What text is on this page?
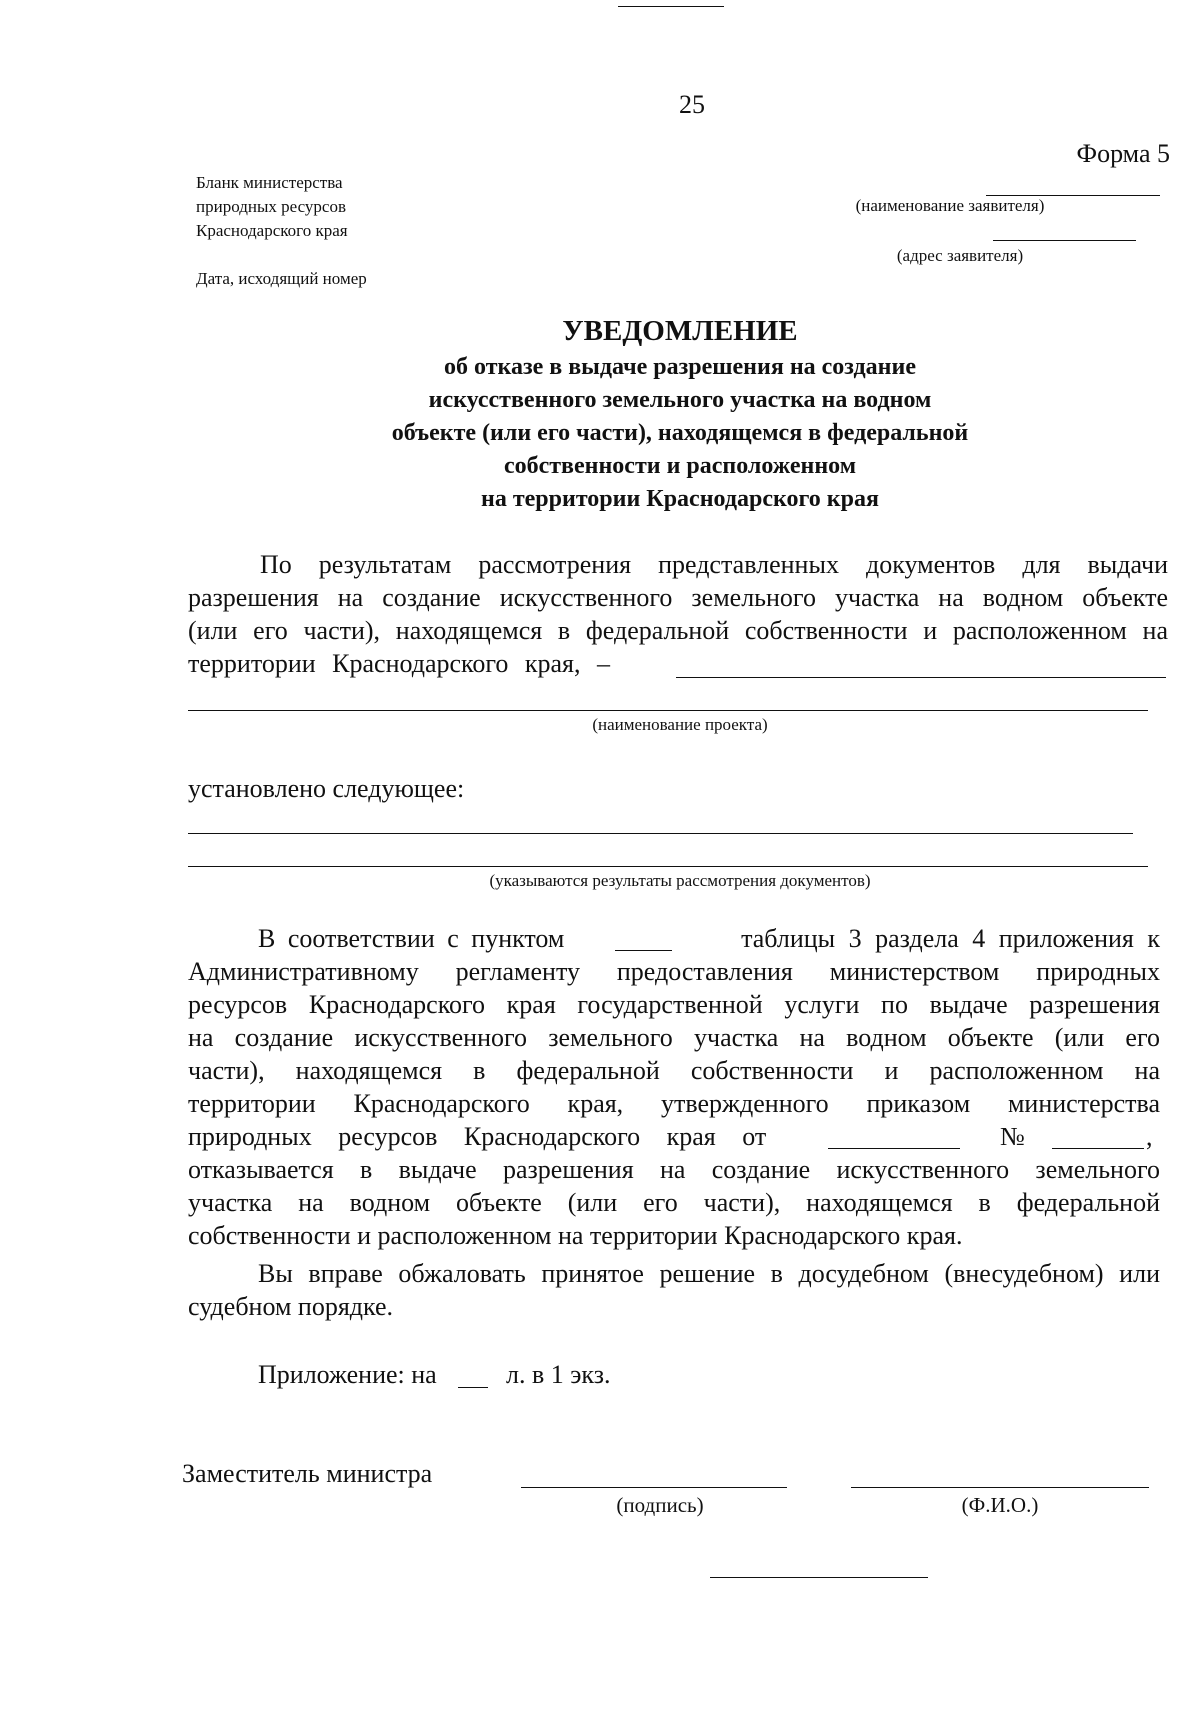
25
Форма 5
Бланк министерства
природных ресурсов
Краснодарского края
Дата, исходящий номер
(наименование заявителя)
(адрес заявителя)
УВЕДОМЛЕНИЕ
об отказе в выдаче разрешения на создание
искусственного земельного участка на водном
объекте (или его части), находящемся в федеральной
собственности и расположенном
на территории Краснодарского края
По результатам рассмотрения представленных документов для выдачи
разрешения на создание искусственного земельного участка на водном объекте
(или его части), находящемся в федеральной собственности и расположенном на
территории Краснодарского края, –
(наименование проекта)
установлено следующее:
(указываются результаты рассмотрения документов)
В соответствии с пунктом	таблицы 3 раздела 4 приложения к
Административному регламенту предоставления министерством природных
ресурсов Краснодарского края государственной услуги по выдаче разрешения
на создание искусственного земельного участка на водном объекте (или его
части), находящемся в федеральной собственности и расположенном на
территории Краснодарского края, утвержденного приказом министерства
природных ресурсов Краснодарского края от	№	,
отказывается в выдаче разрешения на создание искусственного земельного
участка на водном объекте (или его части), находящемся в федеральной
собственности и расположенном на территории Краснодарского края.
Вы вправе обжаловать принятое решение в досудебном (внесудебном) или
судебном порядке.
Приложение: на	л. в 1 экз.
Заместитель министра
(подпись)	(Ф.И.О.)
